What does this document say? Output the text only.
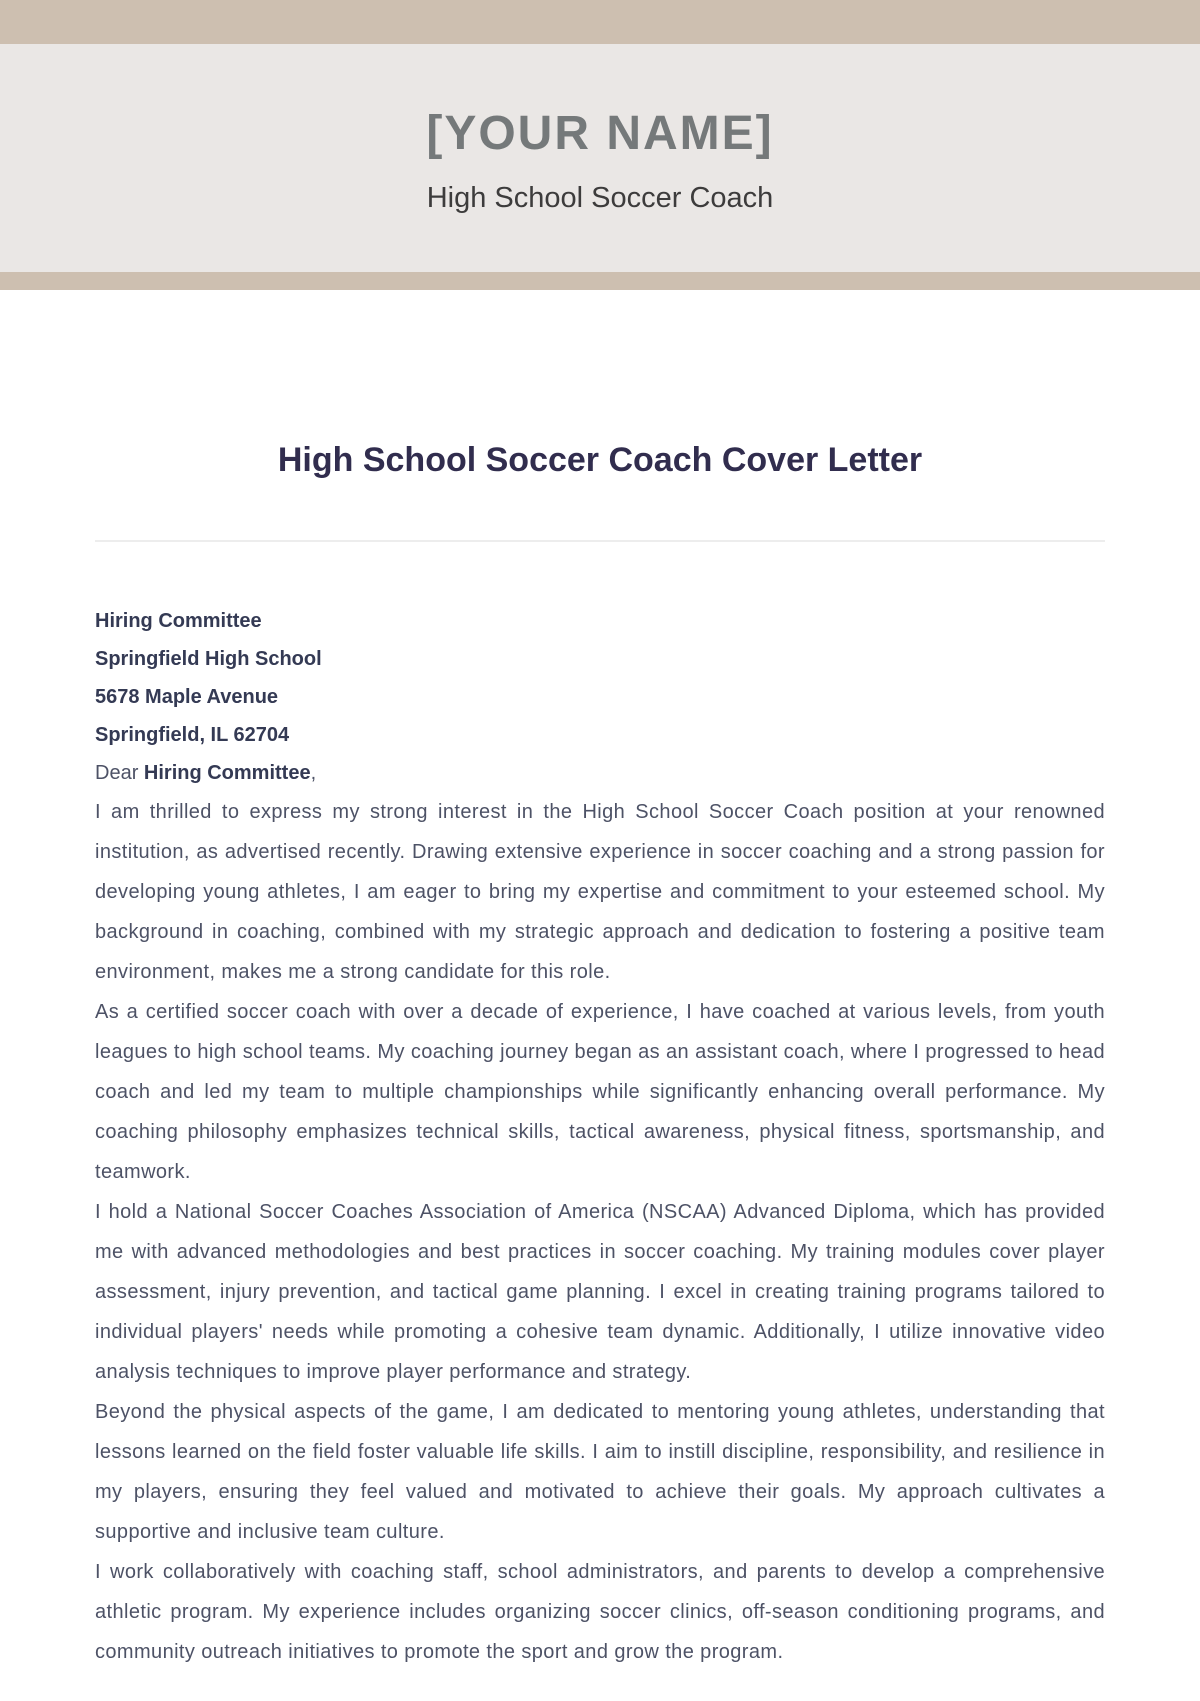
[YOUR NAME]
High School Soccer Coach
High School Soccer Coach Cover Letter
Hiring Committee
Springfield High School
5678 Maple Avenue
Springfield, IL 62704
Dear Hiring Committee,

I am thrilled to express my strong interest in the High School Soccer Coach position at your renowned institution, as advertised recently. Drawing extensive experience in soccer coaching and a strong passion for developing young athletes, I am eager to bring my expertise and commitment to your esteemed school. My background in coaching, combined with my strategic approach and dedication to fostering a positive team environment, makes me a strong candidate for this role.

As a certified soccer coach with over a decade of experience, I have coached at various levels, from youth leagues to high school teams. My coaching journey began as an assistant coach, where I progressed to head coach and led my team to multiple championships while significantly enhancing overall performance. My coaching philosophy emphasizes technical skills, tactical awareness, physical fitness, sportsmanship, and teamwork.

I hold a National Soccer Coaches Association of America (NSCAA) Advanced Diploma, which has provided me with advanced methodologies and best practices in soccer coaching. My training modules cover player assessment, injury prevention, and tactical game planning. I excel in creating training programs tailored to individual players' needs while promoting a cohesive team dynamic. Additionally, I utilize innovative video analysis techniques to improve player performance and strategy.

Beyond the physical aspects of the game, I am dedicated to mentoring young athletes, understanding that lessons learned on the field foster valuable life skills. I aim to instill discipline, responsibility, and resilience in my players, ensuring they feel valued and motivated to achieve their goals. My approach cultivates a supportive and inclusive team culture.

I work collaboratively with coaching staff, school administrators, and parents to develop a comprehensive athletic program. My experience includes organizing soccer clinics, off-season conditioning programs, and community outreach initiatives to promote the sport and grow the program.
